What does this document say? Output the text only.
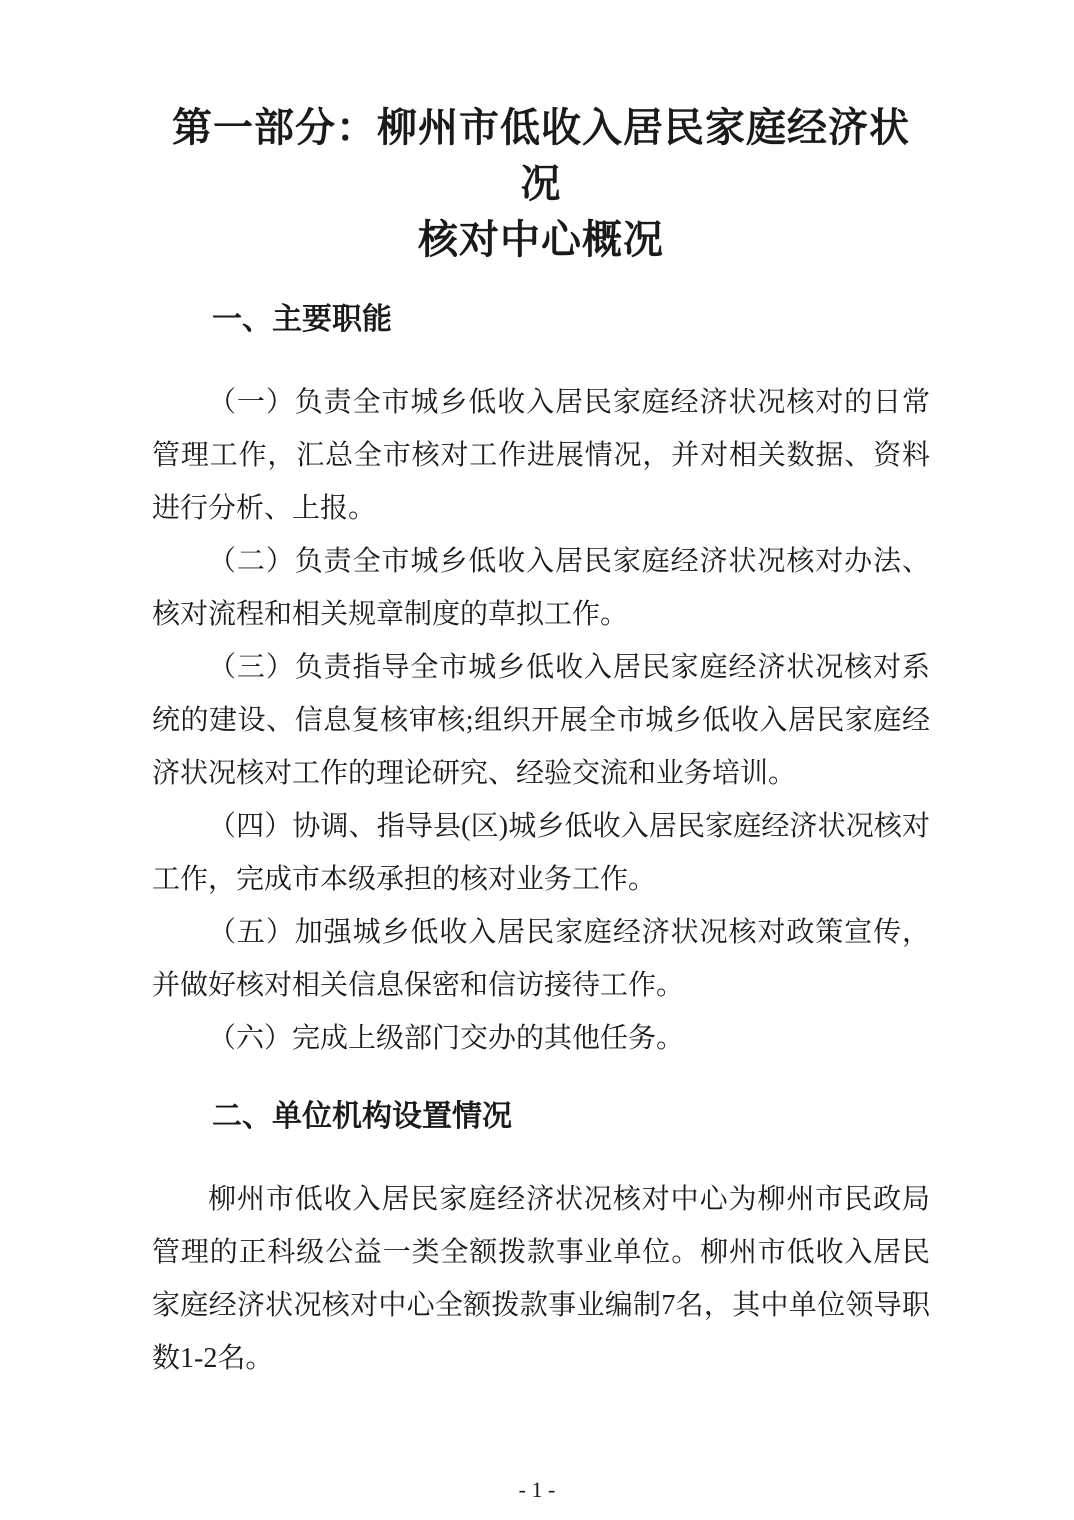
第一部分：柳州市低收入居民家庭经济状况
核对中心概况
一、主要职能

（一）负责全市城乡低收入居民家庭经济状况核对的日常管理工作，汇总全市核对工作进展情况，并对相关数据、资料进行分析、上报。

（二）负责全市城乡低收入居民家庭经济状况核对办法、核对流程和相关规章制度的草拟工作。

（三）负责指导全市城乡低收入居民家庭经济状况核对系统的建设、信息复核审核;组织开展全市城乡低收入居民家庭经济状况核对工作的理论研究、经验交流和业务培训。

（四）协调、指导县(区)城乡低收入居民家庭经济状况核对工作，完成市本级承担的核对业务工作。

（五）加强城乡低收入居民家庭经济状况核对政策宣传，并做好核对相关信息保密和信访接待工作。

（六）完成上级部门交办的其他任务。

二、单位机构设置情况

柳州市低收入居民家庭经济状况核对中心为柳州市民政局管理的正科级公益一类全额拨款事业单位。柳州市低收入居民家庭经济状况核对中心全额拨款事业编制7名，其中单位领导职数1-2名。

- 1 -
